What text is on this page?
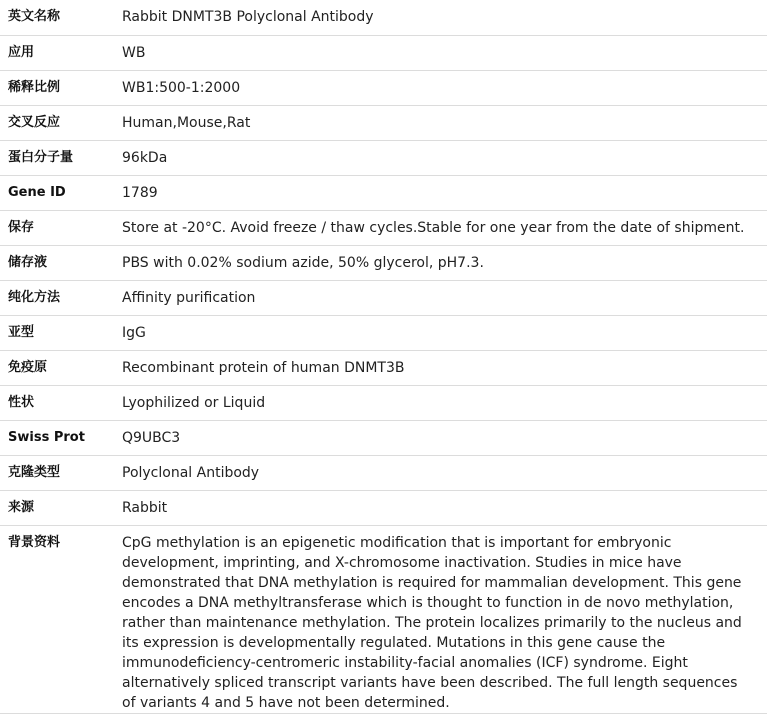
英文名称	Rabbit DNMT3B Polyclonal Antibody
应用	WB
稀释比例	WB1:500-1:2000
交叉反应	Human,Mouse,Rat
蛋白分子量	96kDa
Gene ID	1789
保存	Store at -20°C. Avoid freeze / thaw cycles.Stable for one year from the date of shipment.
储存液	PBS with 0.02% sodium azide, 50% glycerol, pH7.3.
纯化方法	Affinity purification
亚型	IgG
免疫原	Recombinant protein of human DNMT3B
性状	Lyophilized or Liquid
Swiss Prot	Q9UBC3
克隆类型	Polyclonal Antibody
来源	Rabbit
背景资料	CpG methylation is an epigenetic modification that is important for embryonic development, imprinting, and X-chromosome inactivation. Studies in mice have demonstrated that DNA methylation is required for mammalian development. This gene encodes a DNA methyltransferase which is thought to function in de novo methylation, rather than maintenance methylation. The protein localizes primarily to the nucleus and its expression is developmentally regulated. Mutations in this gene cause the immunodeficiency-centromeric instability-facial anomalies (ICF) syndrome. Eight alternatively spliced transcript variants have been described. The full length sequences of variants 4 and 5 have not been determined.
